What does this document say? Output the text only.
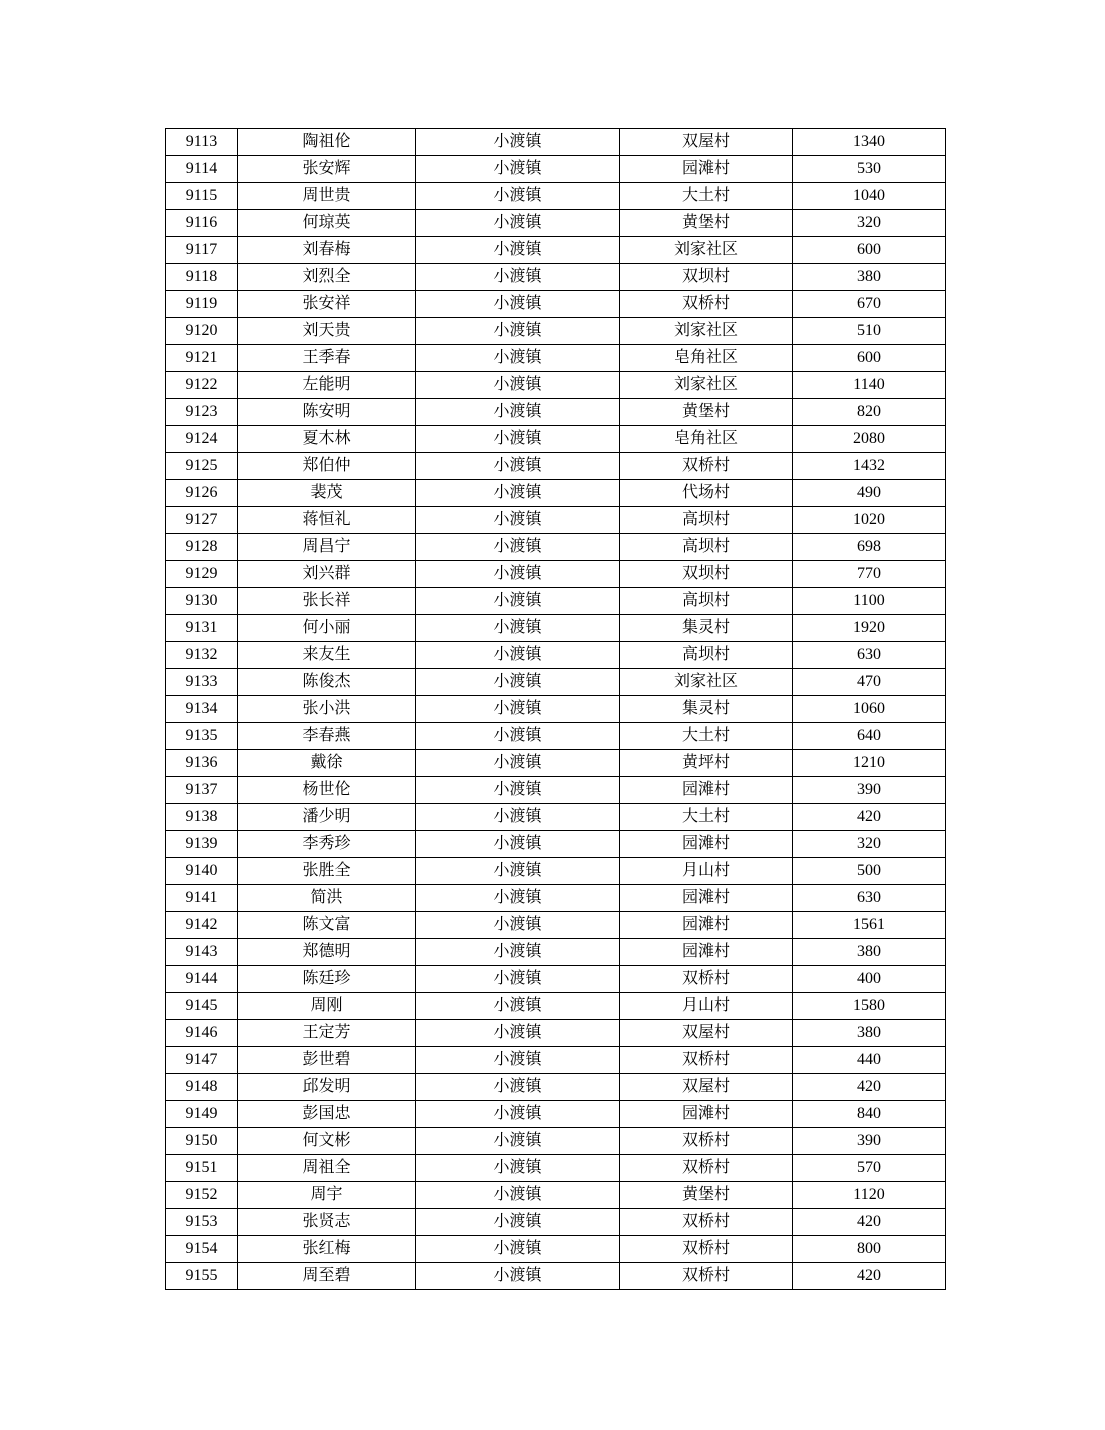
9113	陶祖伦	小渡镇	双屋村	1340
9114	张安辉	小渡镇	园滩村	530
9115	周世贵	小渡镇	大土村	1040
9116	何琼英	小渡镇	黄堡村	320
9117	刘春梅	小渡镇	刘家社区	600
9118	刘烈全	小渡镇	双坝村	380
9119	张安祥	小渡镇	双桥村	670
9120	刘天贵	小渡镇	刘家社区	510
9121	王季春	小渡镇	皂角社区	600
9122	左能明	小渡镇	刘家社区	1140
9123	陈安明	小渡镇	黄堡村	820
9124	夏木林	小渡镇	皂角社区	2080
9125	郑伯仲	小渡镇	双桥村	1432
9126	裴茂	小渡镇	代场村	490
9127	蒋恒礼	小渡镇	高坝村	1020
9128	周昌宁	小渡镇	高坝村	698
9129	刘兴群	小渡镇	双坝村	770
9130	张长祥	小渡镇	高坝村	1100
9131	何小丽	小渡镇	集灵村	1920
9132	来友生	小渡镇	高坝村	630
9133	陈俊杰	小渡镇	刘家社区	470
9134	张小洪	小渡镇	集灵村	1060
9135	李春燕	小渡镇	大土村	640
9136	戴徐	小渡镇	黄坪村	1210
9137	杨世伦	小渡镇	园滩村	390
9138	潘少明	小渡镇	大土村	420
9139	李秀珍	小渡镇	园滩村	320
9140	张胜全	小渡镇	月山村	500
9141	简洪	小渡镇	园滩村	630
9142	陈文富	小渡镇	园滩村	1561
9143	郑德明	小渡镇	园滩村	380
9144	陈廷珍	小渡镇	双桥村	400
9145	周刚	小渡镇	月山村	1580
9146	王定芳	小渡镇	双屋村	380
9147	彭世碧	小渡镇	双桥村	440
9148	邱发明	小渡镇	双屋村	420
9149	彭国忠	小渡镇	园滩村	840
9150	何文彬	小渡镇	双桥村	390
9151	周祖全	小渡镇	双桥村	570
9152	周宇	小渡镇	黄堡村	1120
9153	张贤志	小渡镇	双桥村	420
9154	张红梅	小渡镇	双桥村	800
9155	周至碧	小渡镇	双桥村	420
